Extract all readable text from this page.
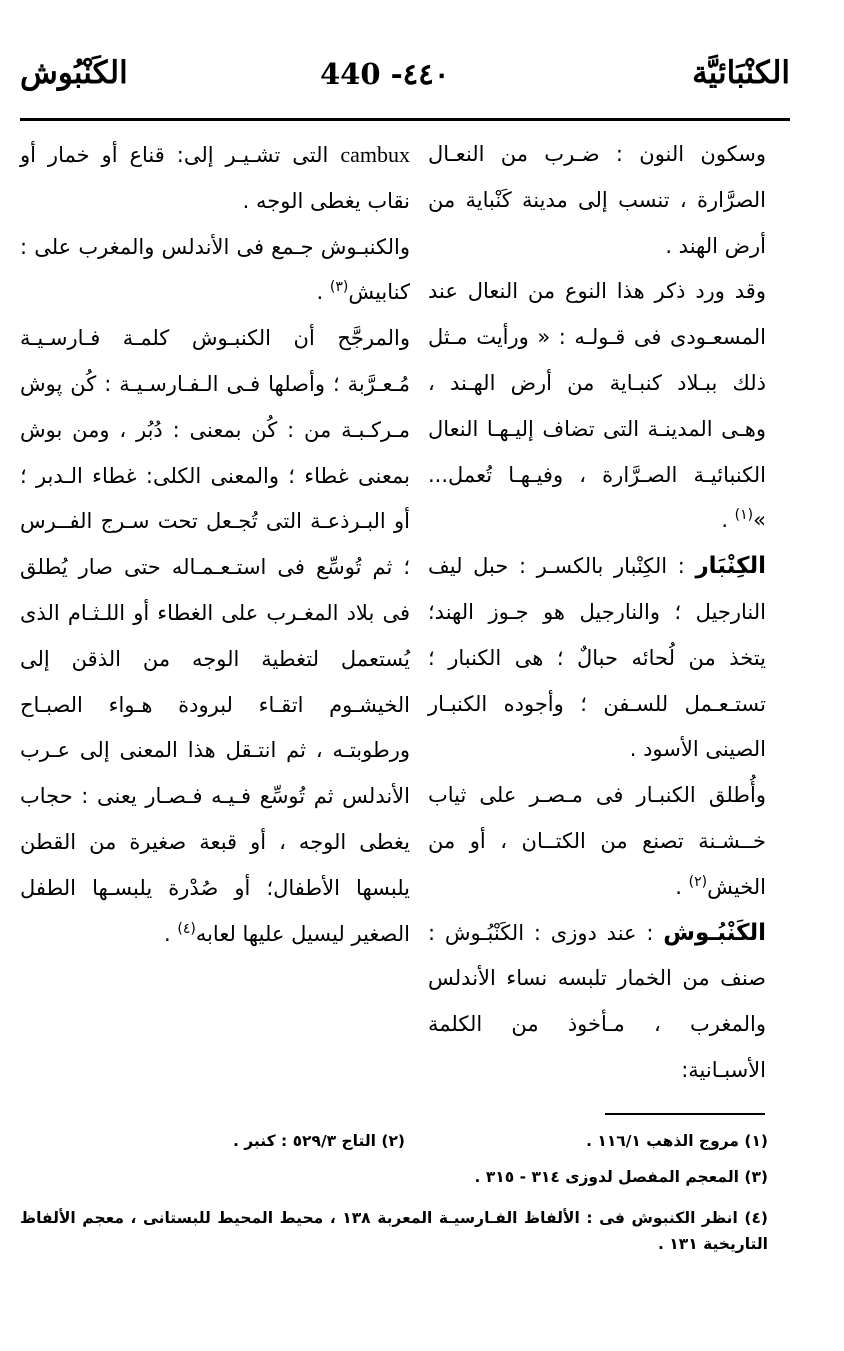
الكنْبَائيَّة
440 -٤٤٠
الكَنْبُوش

وسكون النون : ضـرب من النعـال الصرَّارة ، تنسب إلى مدينة كَنْباية من أرض الهند .

وقد ورد ذكر هذا النوع من النعال عند المسعـودى فى قـولـه : « ورأيت مـثل ذلك ببـلاد كنبـاية من أرض الهـند ، وهـى المدينـة التى تضاف إليـهـا النعال الكنبائيـة الصـرَّارة ، وفيـهـا تُعمل... »$^{(١)}$ .

الكِنْبَار : الكِنْبار بالكسـر : حبل ليف النارجيل ؛ والنارجيل هو جـوز الهند؛ يتخذ من لُحائه حبالٌ ؛ هى الكنبار ؛ تستـعـمل للسـفن ؛ وأجوده الكنبـار الصينى الأسود .

وأُطلق الكنبـار فى مـصـر على ثياب خــشـنة تصنع من الكتــان ، أو من الخيش$^{(٢)}$ .

الكَنْبُـوش : عند دوزى : الكَنْبُـوش : صنف من الخمار تلبسه نساء الأندلس والمغرب ، مـأخوذ من الكلمة الأسبـانية:

cambux التى تشـيـر إلى: قناع أو خمار أو نقاب يغطى الوجه .

والكنبـوش جـمع فى الأندلس والمغرب على : كنابيش$^{(٣)}$ .

والمرجَّح أن الكنبـوش كلمـة فـارسـيـة مُـعـرَّبة ؛ وأصلها فـى الـفـارسـيـة : كُن پوش مـركـبـة من : كُن بمعنى : دُبُر ، ومن بوش بمعنى غطاء ؛ والمعنى الكلى: غطاء الـدبر ؛ أو البـرذعـة التى تُجـعل تحت سـرج الفــرس ؛ ثم تُوسِّع فى استـعـمـاله حتى صار يُطلق فى بلاد المغـرب على الغطاء أو اللـثـام الذى يُستعمل لتغطية الوجه من الذقن إلى الخيشـوم اتقـاء لبرودة هـواء الصبـاح ورطوبتـه ، ثم انتـقل هذا المعنى إلى عـرب الأندلس ثم تُوسِّع فـيـه فـصـار يعنى : حجاب يغطى الوجه ، أو قبعة صغيرة من القطن يلبسها الأطفال؛ أو صُدْرة يلبسـها الطفل الصغير ليسيل عليها لعابه$^{(٤)}$ .

(١) مروج الذهب ١١٦/١ .
(٢) التاج ٥٢٩/٣ : كنبر .
(٣) المعجم المفصل لدوزى ٣١٤ - ٣١٥ .
(٤) انظر الكنبوش فى : الألفاظ الفـارسيـة المعربة ١٣٨ ، محيط المحيط للبستانى ، معجم الألفاظ التاريخية ١٣١ .
